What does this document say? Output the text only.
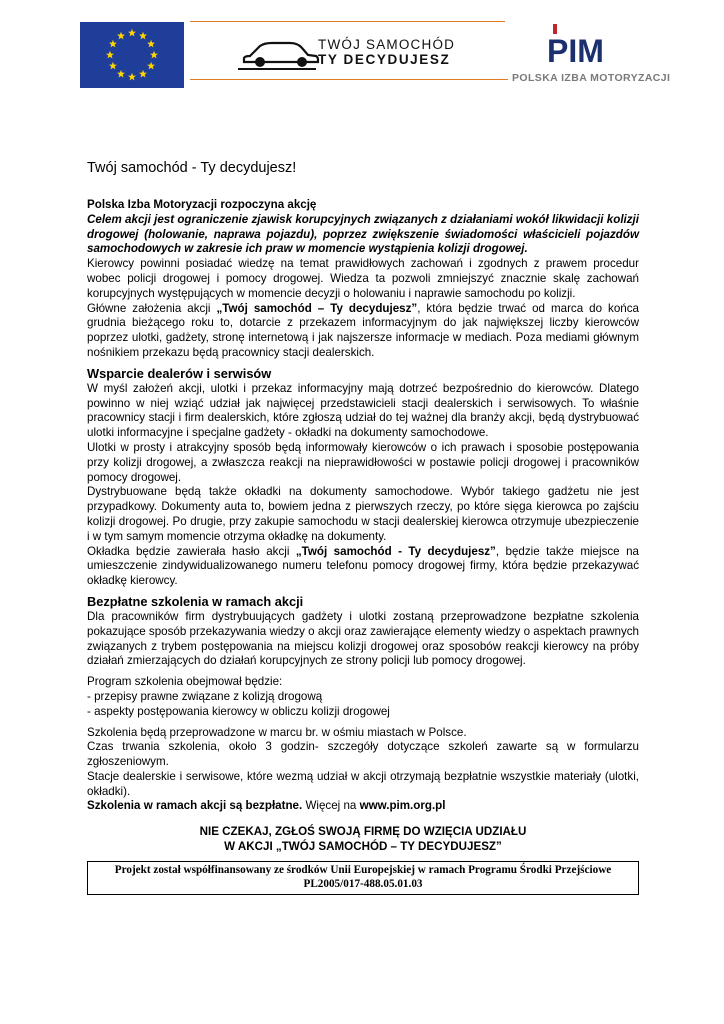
TWÓJ SAMOCHÓD
TY DECYDUJESZ	PIM
POLSKA IZBA MOTORYZACJI
Twój samochód - Ty decydujesz!

Polska Izba Motoryzacji rozpoczyna akcję

Celem akcji jest ograniczenie zjawisk korupcyjnych związanych z działaniami wokół likwidacji kolizji drogowej (holowanie, naprawa pojazdu), poprzez zwiększenie świadomości właścicieli pojazdów samochodowych w zakresie ich praw w momencie wystąpienia kolizji drogowej.

Kierowcy powinni posiadać wiedzę na temat prawidłowych zachowań i zgodnych z prawem procedur wobec policji drogowej i pomocy drogowej. Wiedza ta pozwoli zmniejszyć znacznie skalę zachowań korupcyjnych występujących w momencie decyzji o holowaniu i naprawie samochodu po kolizji.

Główne założenia akcji „Twój samochód – Ty decydujesz”, która będzie trwać od marca do końca grudnia bieżącego roku to, dotarcie z przekazem informacyjnym do jak największej liczby kierowców poprzez ulotki, gadżety, stronę internetową i jak najszersze informacje w mediach. Poza mediami głównym nośnikiem przekazu będą pracownicy stacji dealerskich.

Wsparcie dealerów i serwisów

W myśl założeń akcji, ulotki i przekaz informacyjny mają dotrzeć bezpośrednio do kierowców. Dlatego powinno w niej wziąć udział jak najwięcej przedstawicieli stacji dealerskich i serwisowych. To właśnie pracownicy stacji i firm dealerskich, które zgłoszą udział do tej ważnej dla branży akcji, będą dystrybuować ulotki informacyjne i specjalne gadżety - okładki na dokumenty samochodowe.

Ulotki w prosty i atrakcyjny sposób będą informowały kierowców o ich prawach i sposobie postępowania przy kolizji drogowej, a zwłaszcza reakcji na nieprawidłowości w postawie policji drogowej i pracowników pomocy drogowej.

Dystrybuowane będą także okładki na dokumenty samochodowe. Wybór takiego gadżetu nie jest przypadkowy. Dokumenty auta to, bowiem jedna z pierwszych rzeczy, po które sięga kierowca po zajściu kolizji drogowej. Po drugie, przy zakupie samochodu w stacji dealerskiej kierowca otrzymuje ubezpieczenie i w tym samym momencie otrzyma okładkę na dokumenty.

Okładka będzie zawierała hasło akcji „Twój samochód - Ty decydujesz”, będzie także miejsce na umieszczenie zindywidualizowanego numeru telefonu pomocy drogowej firmy, która będzie przekazywać okładkę kierowcy.

Bezpłatne szkolenia w ramach akcji

Dla pracowników firm dystrybuujących gadżety i ulotki zostaną przeprowadzone bezpłatne szkolenia pokazujące sposób przekazywania wiedzy o akcji oraz zawierające elementy wiedzy o aspektach prawnych związanych z trybem postępowania na miejscu kolizji drogowej oraz sposobów reakcji kierowcy na próby działań zmierzających do działań korupcyjnych ze strony policji lub pomocy drogowej.

Program szkolenia obejmował będzie:

- przepisy prawne związane z kolizją drogową

- aspekty postępowania kierowcy w obliczu kolizji drogowej

Szkolenia będą przeprowadzone w marcu br. w ośmiu miastach w Polsce.

Czas trwania szkolenia, około 3 godzin- szczegóły dotyczące szkoleń zawarte są w formularzu zgłoszeniowym.

Stacje dealerskie i serwisowe, które wezmą udział w akcji otrzymają bezpłatnie wszystkie materiały (ulotki, okładki).

Szkolenia w ramach akcji są bezpłatne. Więcej na www.pim.org.pl

NIE CZEKAJ, ZGŁOŚ SWOJĄ FIRMĘ DO WZIĘCIA UDZIAŁU
W AKCJI „TWÓJ SAMOCHÓD – TY DECYDUJESZ”
Projekt został współfinansowany ze środków Unii Europejskiej w ramach Programu Środki Przejściowe
PL2005/017-488.05.01.03
